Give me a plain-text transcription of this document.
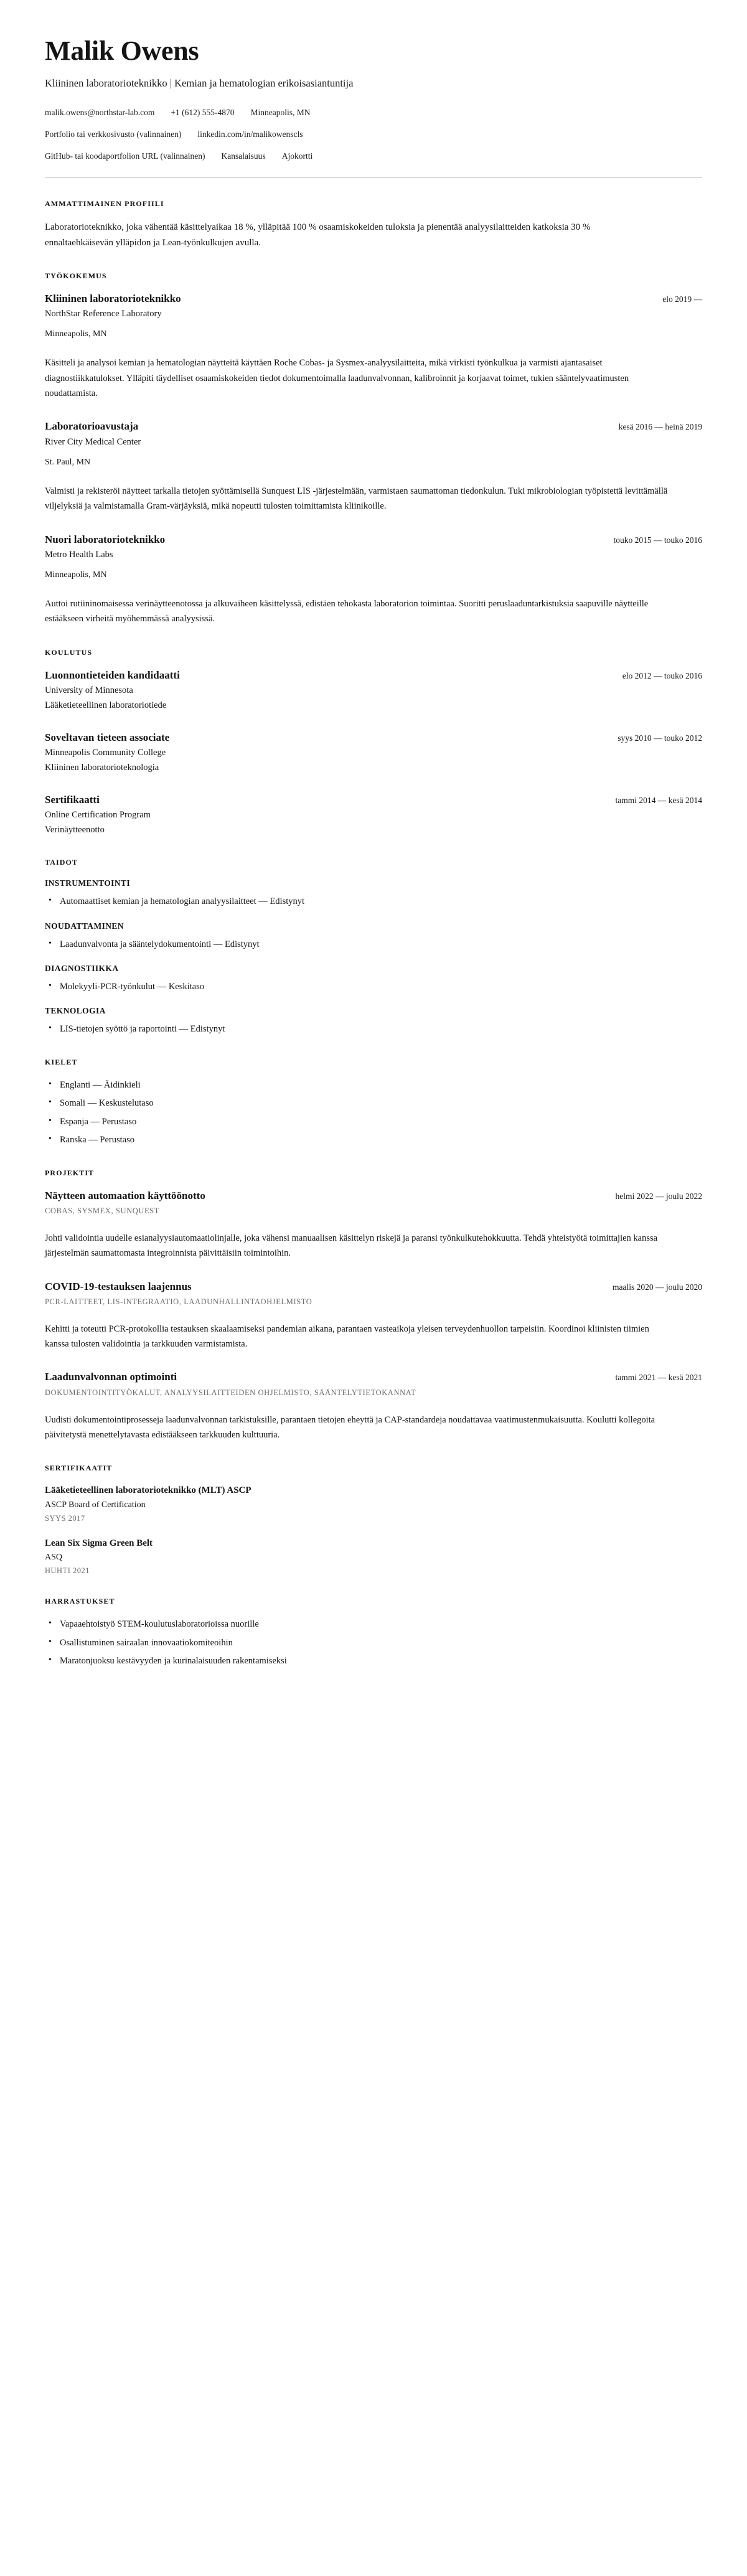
Malik Owens

Kliininen laboratorioteknikko | Kemian ja hematologian erikoisasiantuntija

malik.owens@northstar-lab.com +1 (612) 555-4870 Minneapolis, MN
Portfolio tai verkkosivusto (valinnainen) linkedin.com/in/malikowenscls
GitHub- tai koodaportfolion URL (valinnainen) Kansalaisuus Ajokortti
AMMATTIMAINEN PROFIILI

Laboratorioteknikko, joka vähentää käsittelyaikaa 18 %, ylläpitää 100 % osaamiskokeiden tuloksia ja pienentää analyysilaitteiden katkoksia 30 % ennaltaehkäisevän ylläpidon ja Lean-työnkulkujen avulla.

TYÖKOKEMUS
Kliininen laboratorioteknikko	elo 2019 —

NorthStar Reference Laboratory

Minneapolis, MN

Käsitteli ja analysoi kemian ja hematologian näytteitä käyttäen Roche Cobas- ja Sysmex-analyysilaitteita, mikä virkisti työnkulkua ja varmisti ajantasaiset diagnostiikkatulokset. Ylläpiti täydelliset osaamiskokeiden tiedot dokumentoimalla laadunvalvonnan, kalibroinnit ja korjaavat toimet, tukien sääntelyvaatimusten noudattamista.

Laboratorioavustaja	kesä 2016 — heinä 2019

River City Medical Center

St. Paul, MN

Valmisti ja rekisteröi näytteet tarkalla tietojen syöttämisellä Sunquest LIS -järjestelmään, varmistaen saumattoman tiedonkulun. Tuki mikrobiologian työpistettä levittämällä viljelyksiä ja valmistamalla Gram-värjäyksiä, mikä nopeutti tulosten toimittamista kliinikoille.

Nuori laboratorioteknikko	touko 2015 — touko 2016

Metro Health Labs

Minneapolis, MN

Auttoi rutiininomaisessa verinäytteenotossa ja alkuvaiheen käsittelyssä, edistäen tehokasta laboratorion toimintaa. Suoritti peruslaaduntarkistuksia saapuville näytteille estääkseen virheitä myöhemmässä analyysissä.

KOULUTUS
Luonnontieteiden kandidaatti	elo 2012 — touko 2016

University of Minnesota

Lääketieteellinen laboratoriotiede

Soveltavan tieteen associate	syys 2010 — touko 2012

Minneapolis Community College

Kliininen laboratorioteknologia

Sertifikaatti	tammi 2014 — kesä 2014

Online Certification Program

Verinäytteenotto

TAIDOT
INSTRUMENTOINTI
• Automaattiset kemian ja hematologian analyysilaitteet — Edistynyt
NOUDATTAMINEN
• Laadunvalvonta ja sääntelydokumentointi — Edistynyt
DIAGNOSTIIKKA
• Molekyyli-PCR-työnkulut — Keskitaso
TEKNOLOGIA
• LIS-tietojen syöttö ja raportointi — Edistynyt
KIELET
• Englanti — Äidinkieli
• Somali — Keskustelutaso
• Espanja — Perustaso
• Ranska — Perustaso
PROJEKTIT
Näytteen automaation käyttöönotto	helmi 2022 — joulu 2022

COBAS, SYSMEX, SUNQUEST

Johti validointia uudelle esianalyysiautomaatiolinjalle, joka vähensi manuaalisen käsittelyn riskejä ja paransi työnkulkutehokkuutta. Tehdä yhteistyötä toimittajien kanssa järjestelmän saumattomasta integroinnista päivittäisiin toimintoihin.

COVID-19-testauksen laajennus	maalis 2020 — joulu 2020

PCR-LAITTEET, LIS-INTEGRAATIO, LAADUNHALLINTAOHJELMISTO

Kehitti ja toteutti PCR-protokollia testauksen skaalaamiseksi pandemian aikana, parantaen vasteaikoja yleisen terveydenhuollon tarpeisiin. Koordinoi kliinisten tiimien kanssa tulosten validointia ja tarkkuuden varmistamista.

Laadunvalvonnan optimointi	tammi 2021 — kesä 2021

DOKUMENTOINTITYÖKALUT, ANALYYSILAITTEIDEN OHJELMISTO, SÄÄNTELYTIETOKANNAT

Uudisti dokumentointiprosesseja laadunvalvonnan tarkistuksille, parantaen tietojen eheyttä ja CAP-standardeja noudattavaa vaatimustenmukaisuutta. Koulutti kollegoita päivitetystä menettelytavasta edistääkseen tarkkuuden kulttuuria.

SERTIFIKAATIT
Lääketieteellinen laboratorioteknikko (MLT) ASCP

ASCP Board of Certification

SYYS 2017

Lean Six Sigma Green Belt

ASQ

HUHTI 2021

HARRASTUKSET
• Vapaaehtoistyö STEM-koulutuslaboratorioissa nuorille
• Osallistuminen sairaalan innovaatiokomiteoihin
• Maratonjuoksu kestävyyden ja kurinalaisuuden rakentamiseksi
